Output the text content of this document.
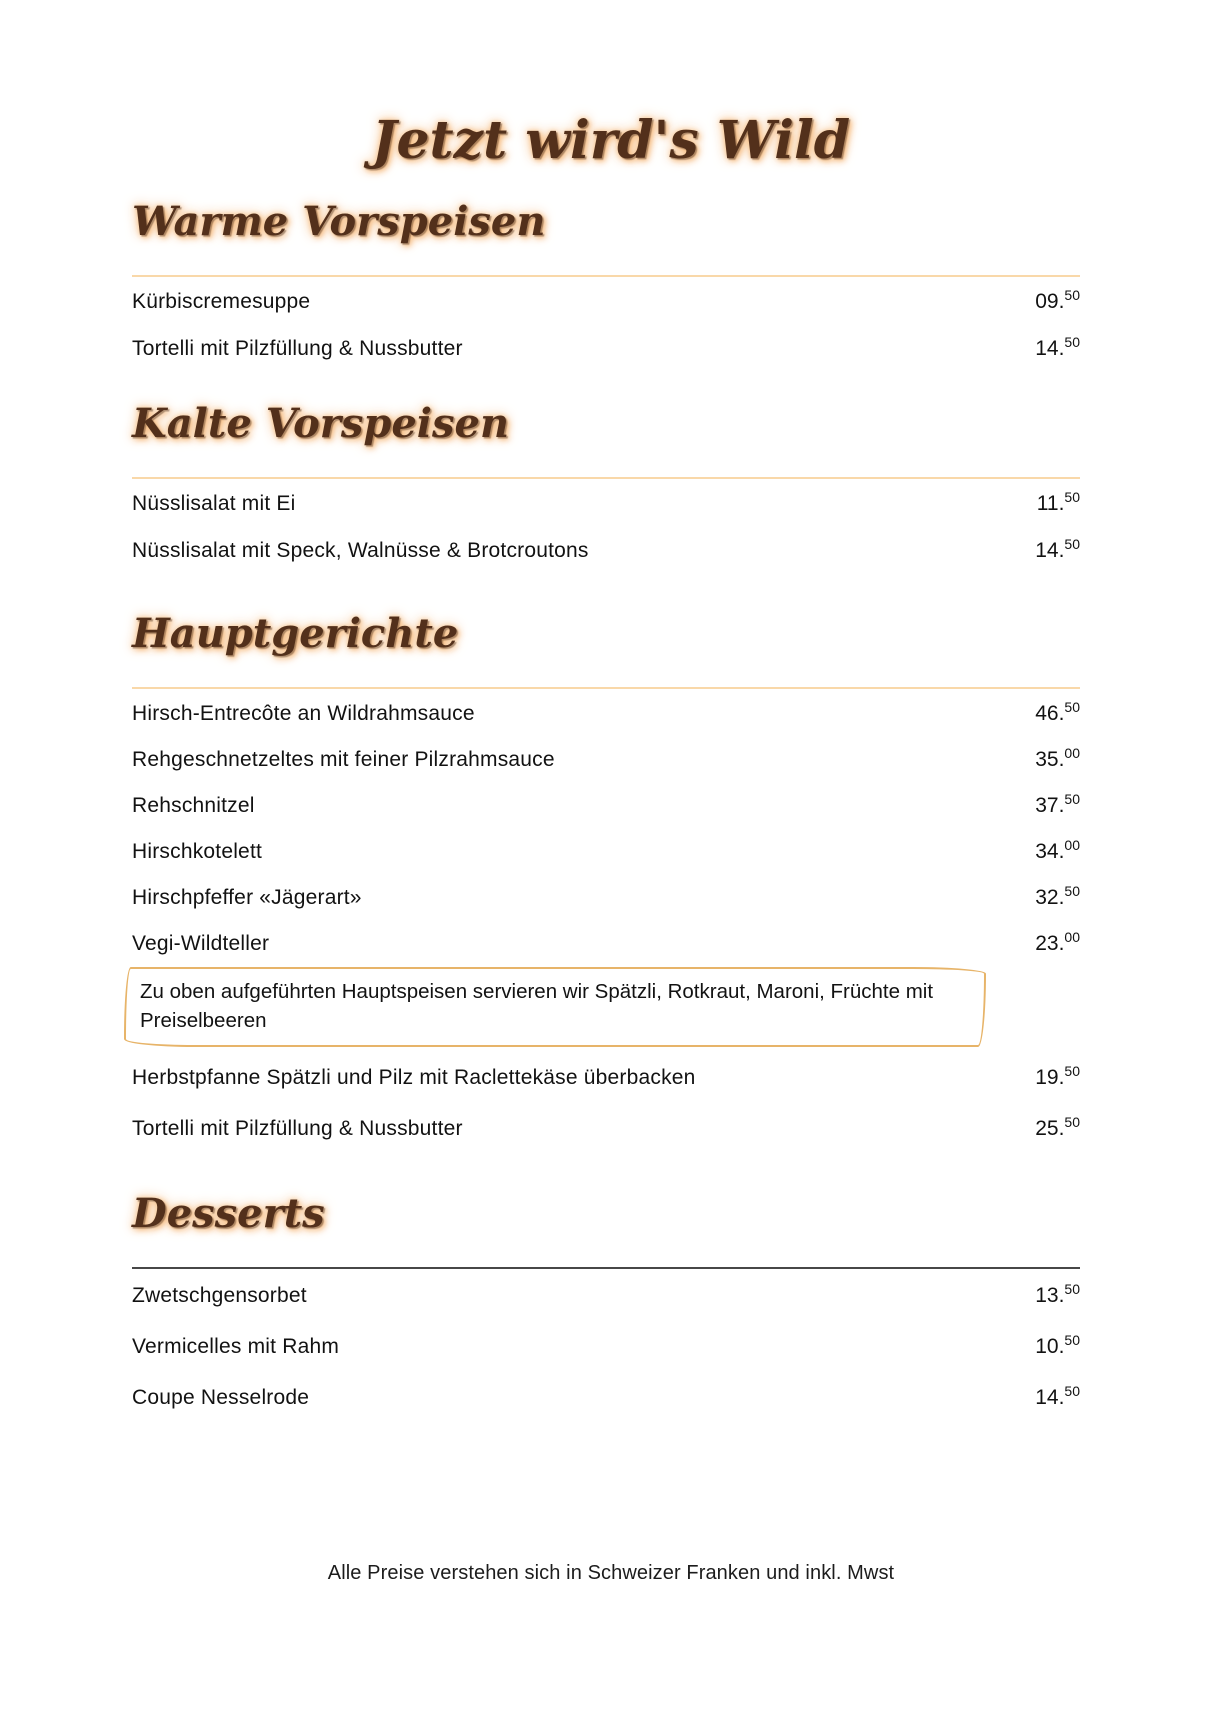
Jetzt wird's Wild
Warme Vorspeisen
Kürbiscremesuppe	09.50
Tortelli mit Pilzfüllung & Nussbutter	14.50
Kalte Vorspeisen
Nüsslisalat mit Ei	11.50
Nüsslisalat mit Speck, Walnüsse & Brotcroutons	14.50
Hauptgerichte
Hirsch-Entrecôte an Wildrahmsauce	46.50
Rehgeschnetzeltes mit feiner Pilzrahmsauce	35.00
Rehschnitzel	37.50
Hirschkotelett	34.00
Hirschpfeffer «Jägerart»	32.50
Vegi-Wildteller	23.00
Zu oben aufgeführten Hauptspeisen servieren wir Spätzli, Rotkraut, Maroni, Früchte mit Preiselbeeren
Herbstpfanne Spätzli und Pilz mit Raclettekäse überbacken	19.50
Tortelli mit Pilzfüllung & Nussbutter	25.50
Desserts
Zwetschgensorbet	13.50
Vermicelles mit Rahm	10.50
Coupe Nesselrode	14.50
Alle Preise verstehen sich in Schweizer Franken und inkl. Mwst
